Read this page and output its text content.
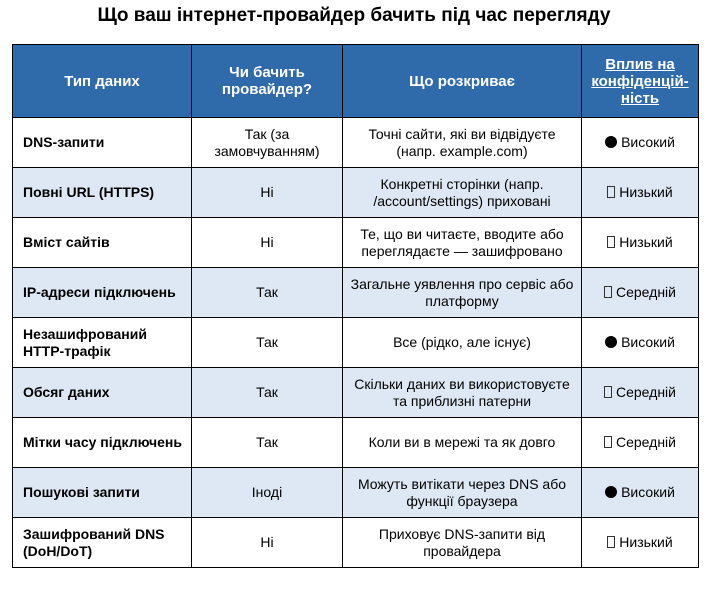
Що ваш інтернет-провайдер бачить під час перегляду
Тип даних	Чи бачить провайдер?	Що розкриває	Вплив на конфіденцій-ність
DNS-запити	Так (за замовчуванням)	Точні сайти, які ви відвідуєте (напр. example.com)	Високий
Повні URL (HTTPS)	Ні	Конкретні сторінки (напр. /account/settings) приховані	Низький
Вміст сайтів	Ні	Те, що ви читаєте, вводите або переглядаєте — зашифровано	Низький
IP-адреси підключень	Так	Загальне уявлення про сервіс або платформу	Середній
Незашифрований HTTP-трафік	Так	Все (рідко, але існує)	Високий
Обсяг даних	Так	Скільки даних ви використовуєте та приблизні патерни	Середній
Мітки часу підключень	Так	Коли ви в мережі та як довго	Середній
Пошукові запити	Іноді	Можуть витікати через DNS або функції браузера	Високий
Зашифрований DNS (DoH/DoT)	Ні	Приховує DNS-запити від провайдера	Низький
